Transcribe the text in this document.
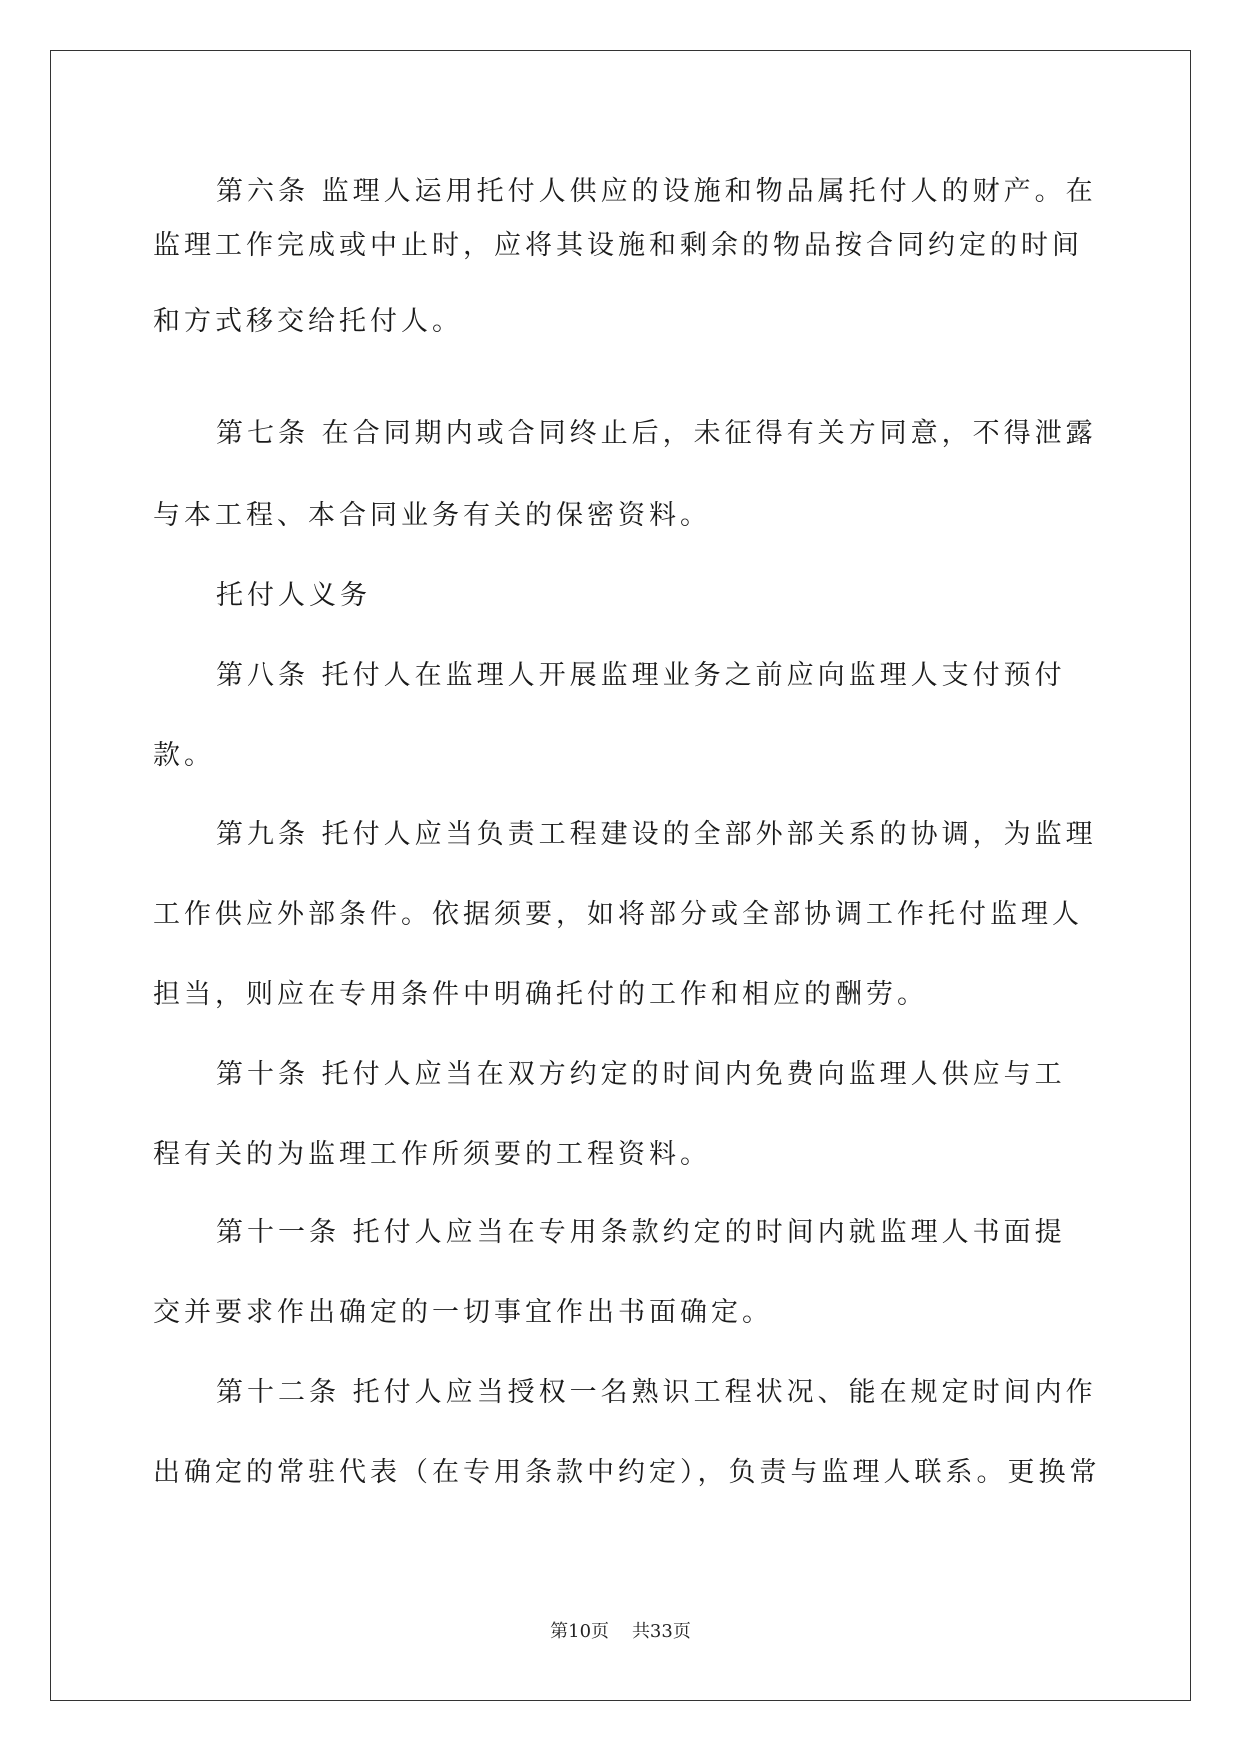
第六条 监理人运用托付人供应的设施和物品属托付人的财产。在

监理工作完成或中止时，应将其设施和剩余的物品按合同约定的时间

和方式移交给托付人。

第七条 在合同期内或合同终止后，未征得有关方同意，不得泄露

与本工程、本合同业务有关的保密资料。

托付人义务

第八条 托付人在监理人开展监理业务之前应向监理人支付预付

款。

第九条 托付人应当负责工程建设的全部外部关系的协调，为监理

工作供应外部条件。依据须要，如将部分或全部协调工作托付监理人

担当，则应在专用条件中明确托付的工作和相应的酬劳。

第十条 托付人应当在双方约定的时间内免费向监理人供应与工

程有关的为监理工作所须要的工程资料。

第十一条 托付人应当在专用条款约定的时间内就监理人书面提

交并要求作出确定的一切事宜作出书面确定。

第十二条 托付人应当授权一名熟识工程状况、能在规定时间内作

出确定的常驻代表（在专用条款中约定），负责与监理人联系。更换常

第10页 共33页
